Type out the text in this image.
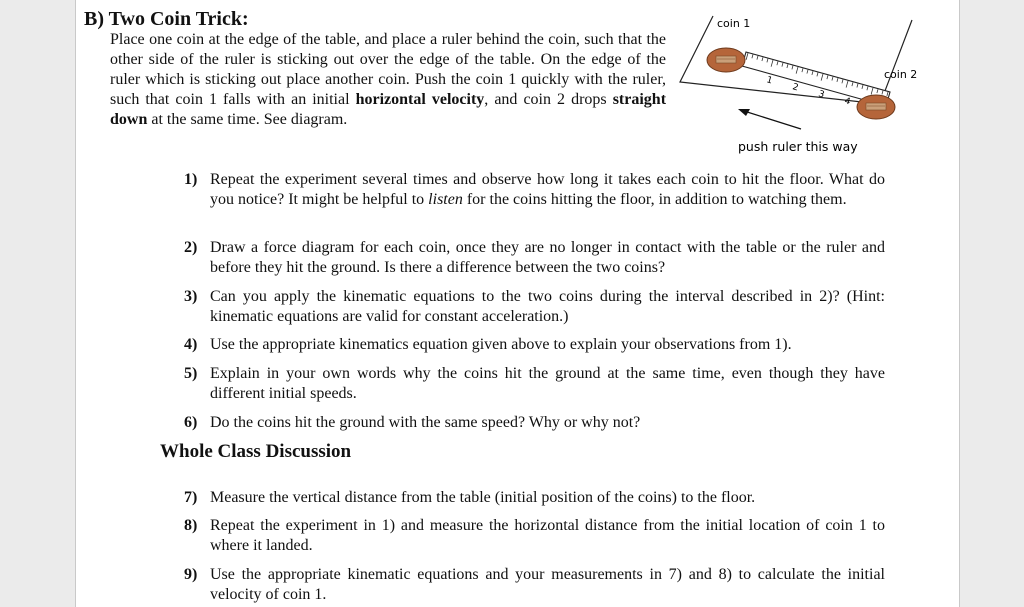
B) Two Coin Trick:
Place one coin at the edge of the table, and place a ruler behind the coin, such that the other side of the ruler is sticking out over the edge of the table. On the edge of the ruler which is sticking out place another coin. Push the coin 1 quickly with the ruler, such that coin 1 falls with an initial horizontal velocity, and coin 2 drops straight down at the same time. See diagram.
1
2
3
4
coin 1
coin 2
push ruler this way
1) Repeat the experiment several times and observe how long it takes each coin to hit the floor. What do you notice? It might be helpful to listen for the coins hitting the floor, in addition to watching them.
2) Draw a force diagram for each coin, once they are no longer in contact with the table or the ruler and before they hit the ground. Is there a difference between the two coins?
3) Can you apply the kinematic equations to the two coins during the interval described in 2)? (Hint: kinematic equations are valid for constant acceleration.)
4) Use the appropriate kinematics equation given above to explain your observations from 1).
5) Explain in your own words why the coins hit the ground at the same time, even though they have different initial speeds.
6) Do the coins hit the ground with the same speed? Why or why not?
Whole Class Discussion
7) Measure the vertical distance from the table (initial position of the coins) to the floor.
8) Repeat the experiment in 1) and measure the horizontal distance from the initial location of coin 1 to where it landed.
9) Use the appropriate kinematic equations and your measurements in 7) and 8) to calculate the initial velocity of coin 1.
